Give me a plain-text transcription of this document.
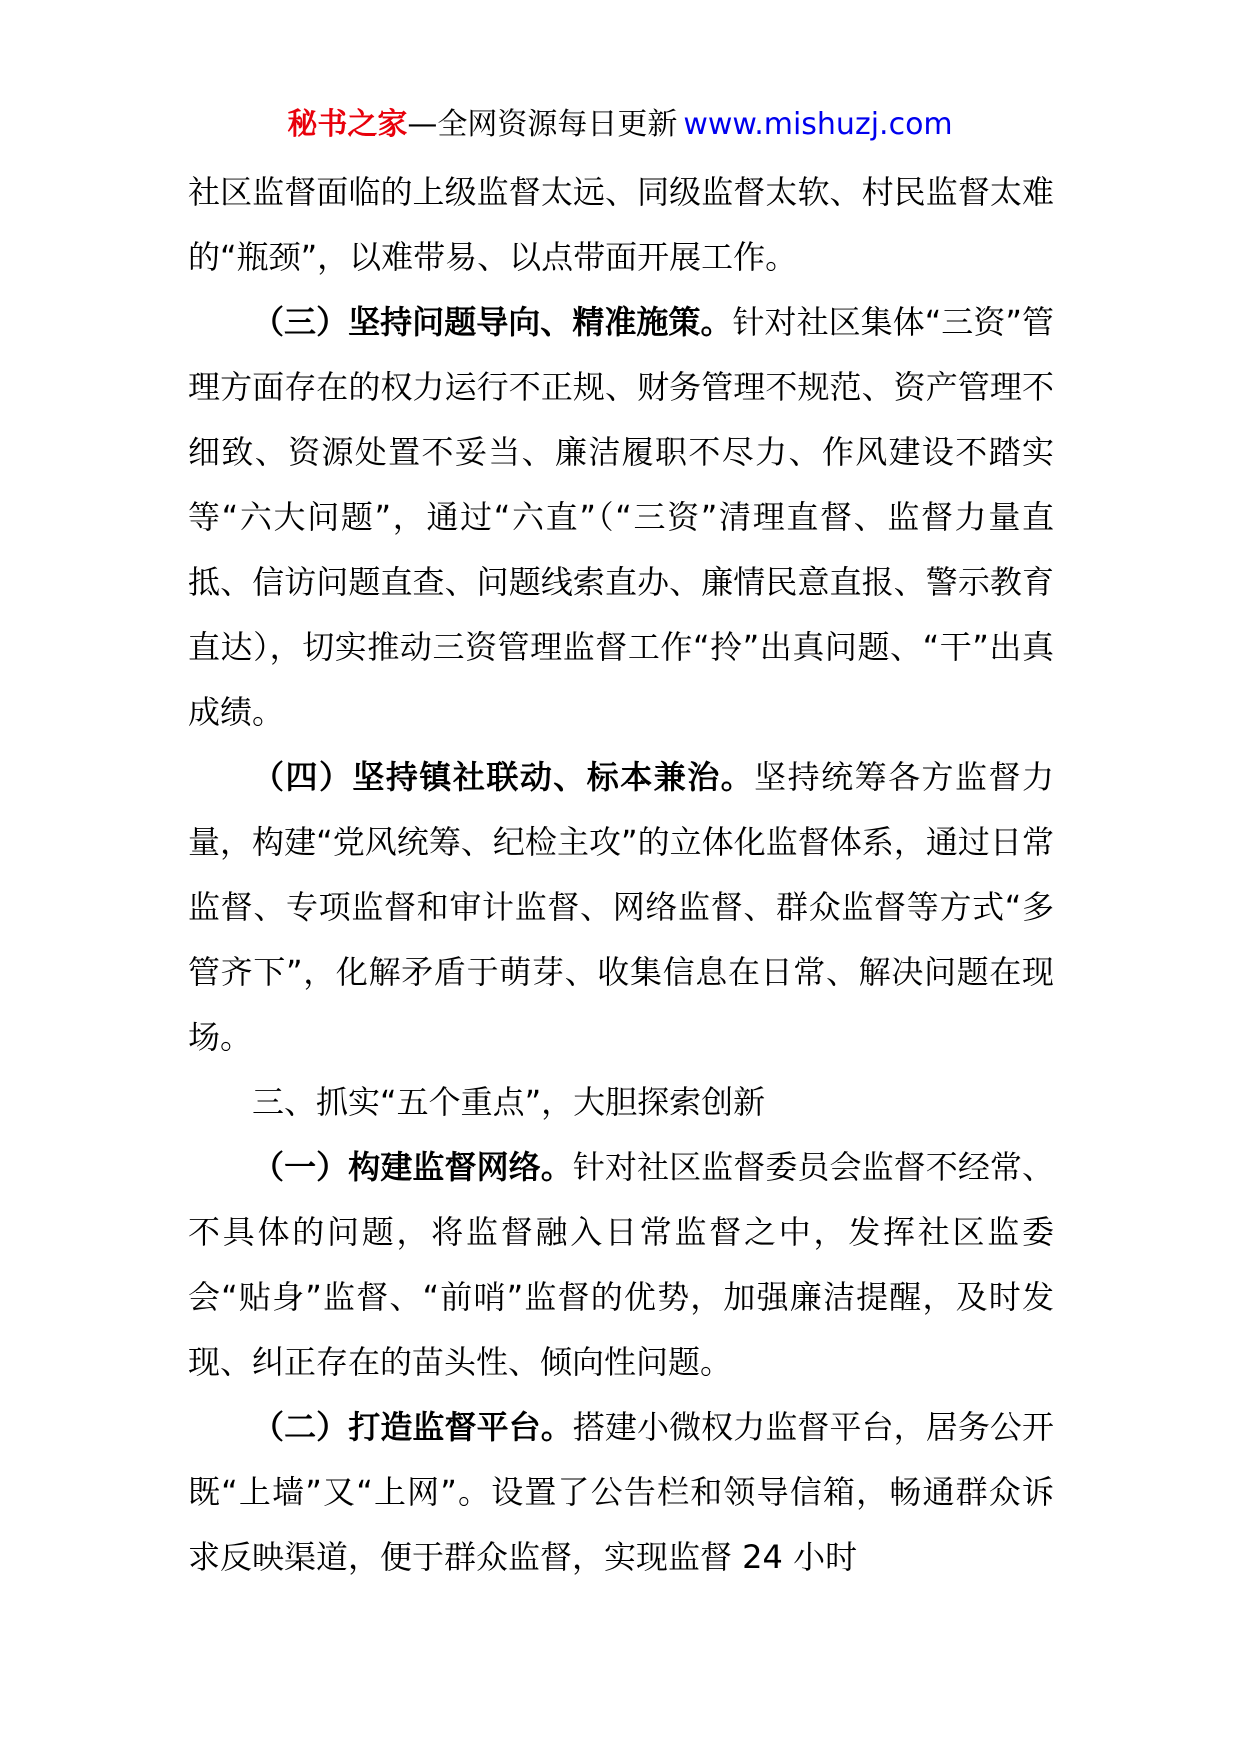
秘书之家—全网资源每日更新 www.mishuzj.com

社区监督面临的上级监督太远、同级监督太软、村民监督太难的“瓶颈”，以难带易、以点带面开展工作。

（三）坚持问题导向、精准施策。针对社区集体“三资”管理方面存在的权力运行不正规、财务管理不规范、资产管理不细致、资源处置不妥当、廉洁履职不尽力、作风建设不踏实等“六大问题”，通过“六直”（“三资”清理直督、监督力量直抵、信访问题直查、问题线索直办、廉情民意直报、警示教育直达），切实推动三资管理监督工作“拎”出真问题、“干”出真成绩。

（四）坚持镇社联动、标本兼治。坚持统筹各方监督力量，构建“党风统筹、纪检主攻”的立体化监督体系，通过日常监督、专项监督和审计监督、网络监督、群众监督等方式“多管齐下”，化解矛盾于萌芽、收集信息在日常、解决问题在现场。

三、抓实“五个重点”，大胆探索创新

（一）构建监督网络。针对社区监督委员会监督不经常、不具体的问题，将监督融入日常监督之中，发挥社区监委会“贴身”监督、“前哨”监督的优势，加强廉洁提醒，及时发现、纠正存在的苗头性、倾向性问题。

（二）打造监督平台。搭建小微权力监督平台，居务公开既“上墙”又“上网”。设置了公告栏和领导信箱，畅通群众诉求反映渠道，便于群众监督，实现监督 24 小时
